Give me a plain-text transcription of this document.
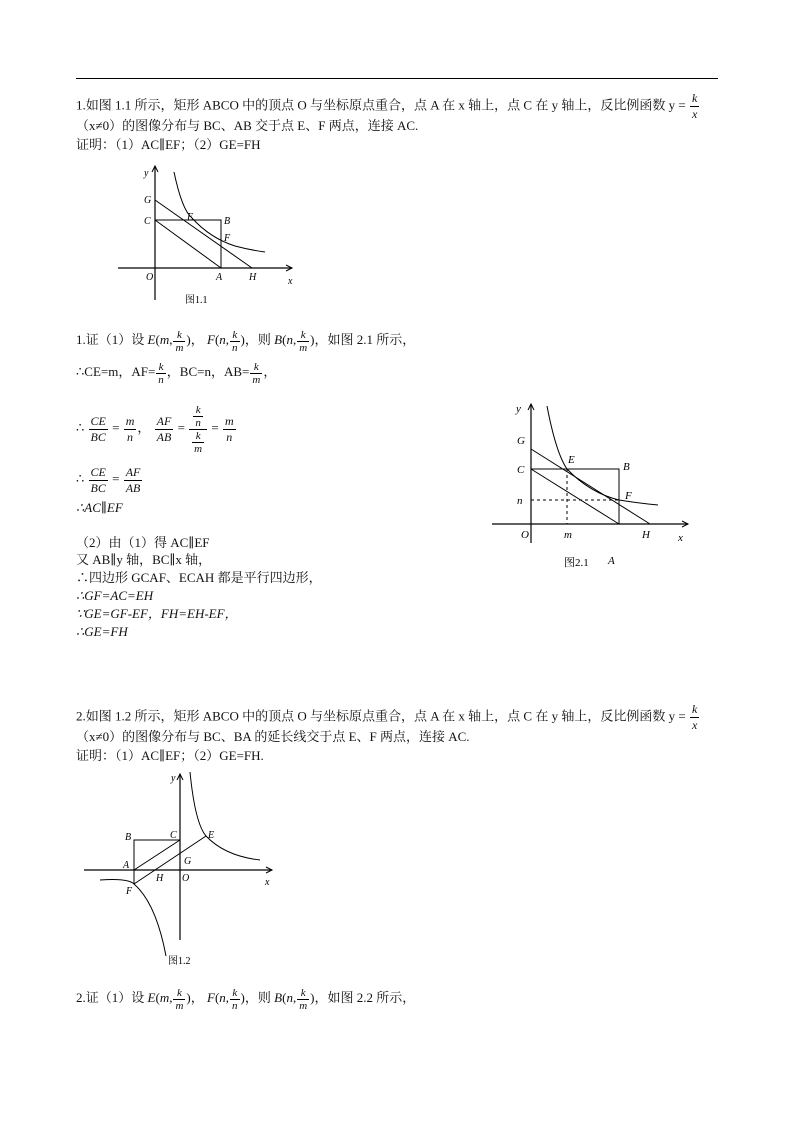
1.如图 1.1 所示，矩形 ABCO 中的顶点 O 与坐标原点重合，点 A 在 x 轴上，点 C 在 y 轴上，反比例函数 $y = \frac{k}{x}$
（x≠0）的图像分布与 BC、AB 交于点 E、F 两点，连接 AC.
证明：（1）AC∥EF；（2）GE=FH
y
x
G
C	E	B
F
O	A	H
图1.1
1.证（1）设 E(m, $\frac{k}{m}$ )， F(n, $\frac{k}{n}$ )，则 B(n, $\frac{k}{m}$ )，如图 2.1 所示，
∴CE=m，$AF= \frac{k}{n}$ ，BC=n，$AB= \frac{k}{m}$ ，
∴ $\frac{CE}{BC} = \frac{m}{n}$ ， $\frac{AF}{AB} = \frac{\frac{k}{n}}{\frac{k}{m}} = \frac{m}{n}$
∴ $\frac{CE}{BC} = \frac{AF}{AB}$
∴AC∥EF
（2）由（1）得 AC∥EF
又 AB∥y 轴，BC∥x 轴，
∴四边形 GCAF、ECAH 都是平行四边形，
∴GF=AC=EH
∵GE=GF-EF，FH=EH-EF，
∴GE=FH
y
x
G
C
E
B
F
n
O	m	H
图2.1 A
2.如图 1.2 所示，矩形 ABCO 中的顶点 O 与坐标原点重合，点 A 在 x 轴上，点 C 在 y 轴上，反比例函数 $y = \frac{k}{x}$
（x≠0）的图像分布与 BC、BA 的延长线交于点 E、F 两点，连接 AC.
证明：（1）AC∥EF；（2）GE=FH.
y
x
B	C	E
A	G
H O
F
图1.2
2.证（1）设 E(m, $\frac{k}{m}$ )， F(n, $\frac{k}{n}$ )，则 B(n, $\frac{k}{m}$ )，如图 2.2 所示，
